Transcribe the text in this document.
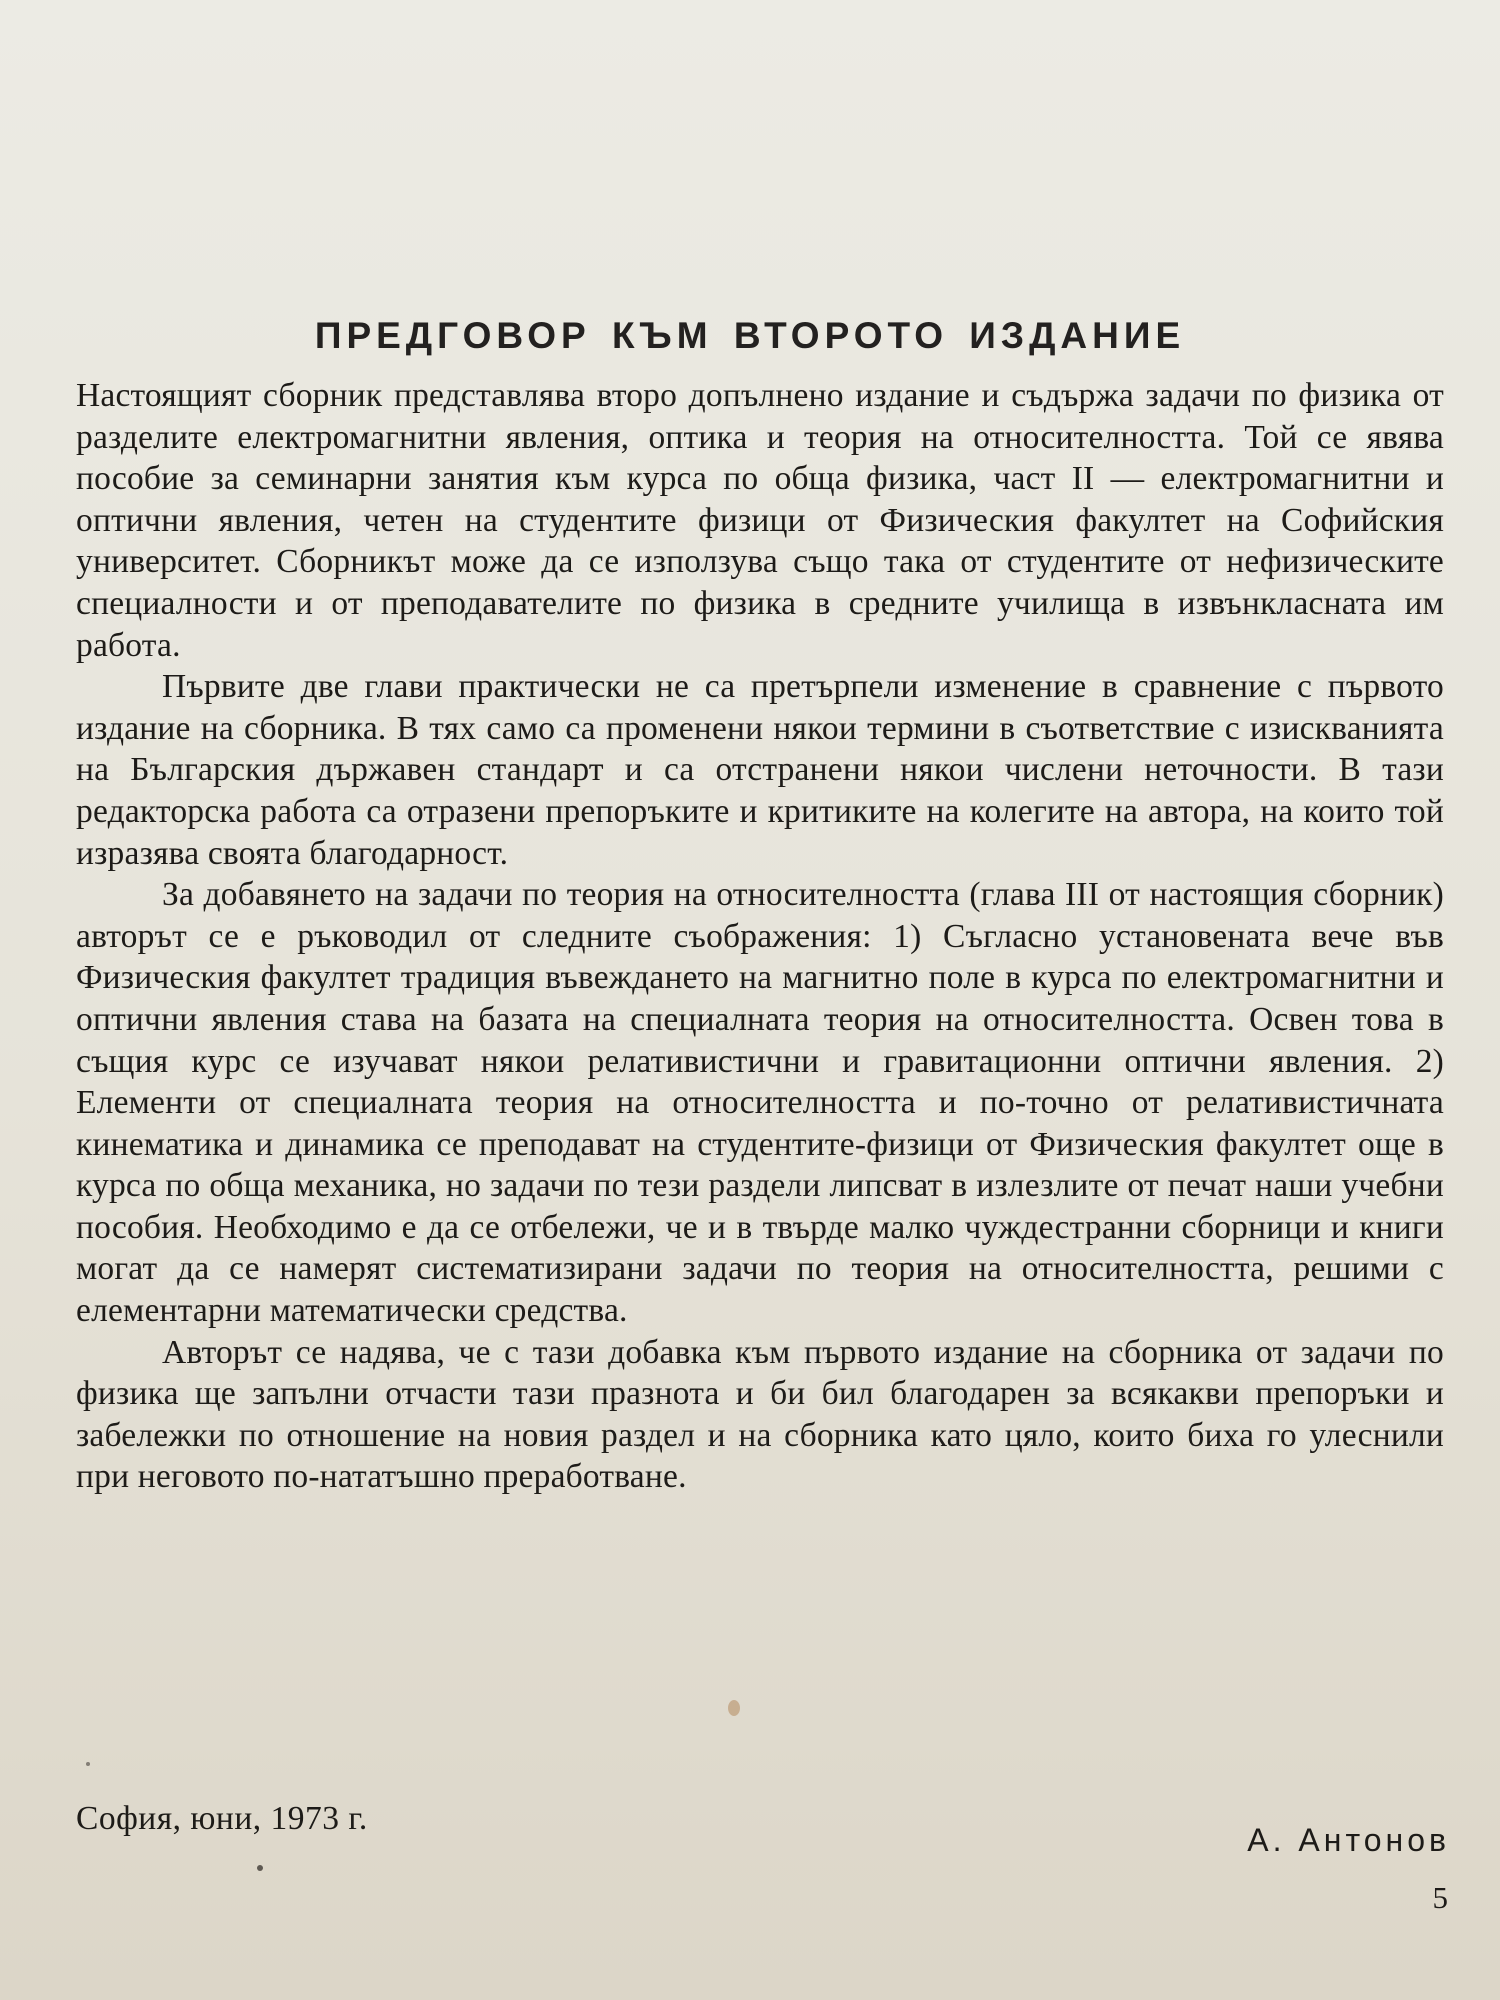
ПРЕДГОВОР КЪМ ВТОРОТО ИЗДАНИЕ

Настоящият сборник представлява второ допълнено издание и съдържа задачи по физика от разделите електромагнитни явления, оптика и теория на относителността. Той се явява пособие за семинарни занятия към курса по обща физика, част II — електромагнитни и оптични явления, четен на студентите физици от Физическия факултет на Софийския университет. Сборникът може да се използува също така от студентите от нефизическите специалности и от преподавателите по физика в средните училища в извънкласната им работа.

Първите две глави практически не са претърпели изменение в сравнение с първото издание на сборника. В тях само са променени някои термини в съответствие с изискванията на Българския държавен стандарт и са отстранени някои числени неточности. В тази редакторска работа са отразени препоръките и критиките на колегите на автора, на които той изразява своята благодарност.

За добавянето на задачи по теория на относителността (глава III от настоящия сборник) авторът се е ръководил от следните съображения: 1) Съгласно установената вече във Физическия факултет традиция въвеждането на магнитно поле в курса по електромагнитни и оптични явления става на базата на специалната теория на относителността. Освен това в същия курс се изучават някои релативистични и гравитационни оптични явления. 2) Елементи от специалната теория на относителността и по-точно от релативистичната кинематика и динамика се преподават на студентите-физици от Физическия факултет още в курса по обща механика, но задачи по тези раздели липсват в излезлите от печат наши учебни пособия. Необходимо е да се отбележи, че и в твърде малко чуждестранни сборници и книги могат да се намерят систематизирани задачи по теория на относителността, решими с елементарни математически средства.

Авторът се надява, че с тази добавка към първото издание на сборника от задачи по физика ще запълни отчасти тази празнота и би бил благодарен за всякакви препоръки и забележки по отношение на новия раздел и на сборника като цяло, които биха го улеснили при неговото по-нататъшно преработване.

София, юни, 1973 г.
А. Антонов
5
